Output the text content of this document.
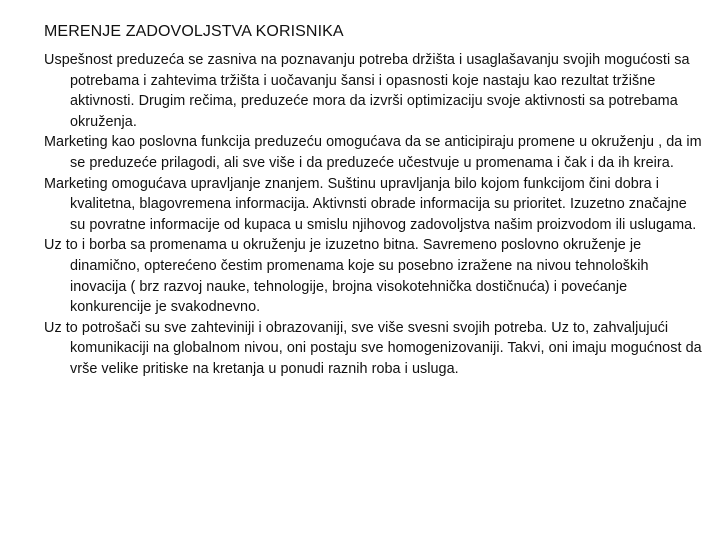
MERENJE ZADOVOLJSTVA KORISNIKA

Uspešnost preduzeća se zasniva na poznavanju potreba držišta i usaglašavanju svojih mogućosti sa potrebama i zahtevima tržišta i uočavanju šansi i opasnosti koje nastaju kao rezultat tržišne aktivnosti. Drugim rečima, preduzeće mora da izvrši optimizaciju svoje aktivnosti sa potrebama okruženja.

Marketing kao poslovna funkcija preduzeću omogućava da se anticipiraju promene u okruženju , da im se preduzeće prilagodi, ali sve više i da preduzeće učestvuje u promenama i čak i da ih kreira.

Marketing omogućava upravljanje znanjem. Suštinu upravljanja bilo kojom funkcijom čini dobra i kvalitetna, blagovremena informacija. Aktivnsti obrade informacija su prioritet. Izuzetno značajne su povratne informacije od kupaca u smislu njihovog zadovoljstva našim proizvodom ili uslugama.

Uz to i borba sa promenama u okruženju je izuzetno bitna. Savremeno poslovno okruženje je dinamično, opterećeno čestim promenama koje su posebno izražene na nivou tehnoloških inovacija ( brz razvoj nauke, tehnologije, brojna visokotehnička dostičnuća) i povećanje konkurencije je svakodnevno.

Uz to potrošači su sve zahteviniji i obrazovaniji, sve više svesni svojih potreba. Uz to, zahvaljujući komunikaciji na globalnom nivou, oni postaju sve homogenizovaniji. Takvi, oni imaju mogućnost da vrše velike pritiske na kretanja u ponudi raznih roba i usluga.
